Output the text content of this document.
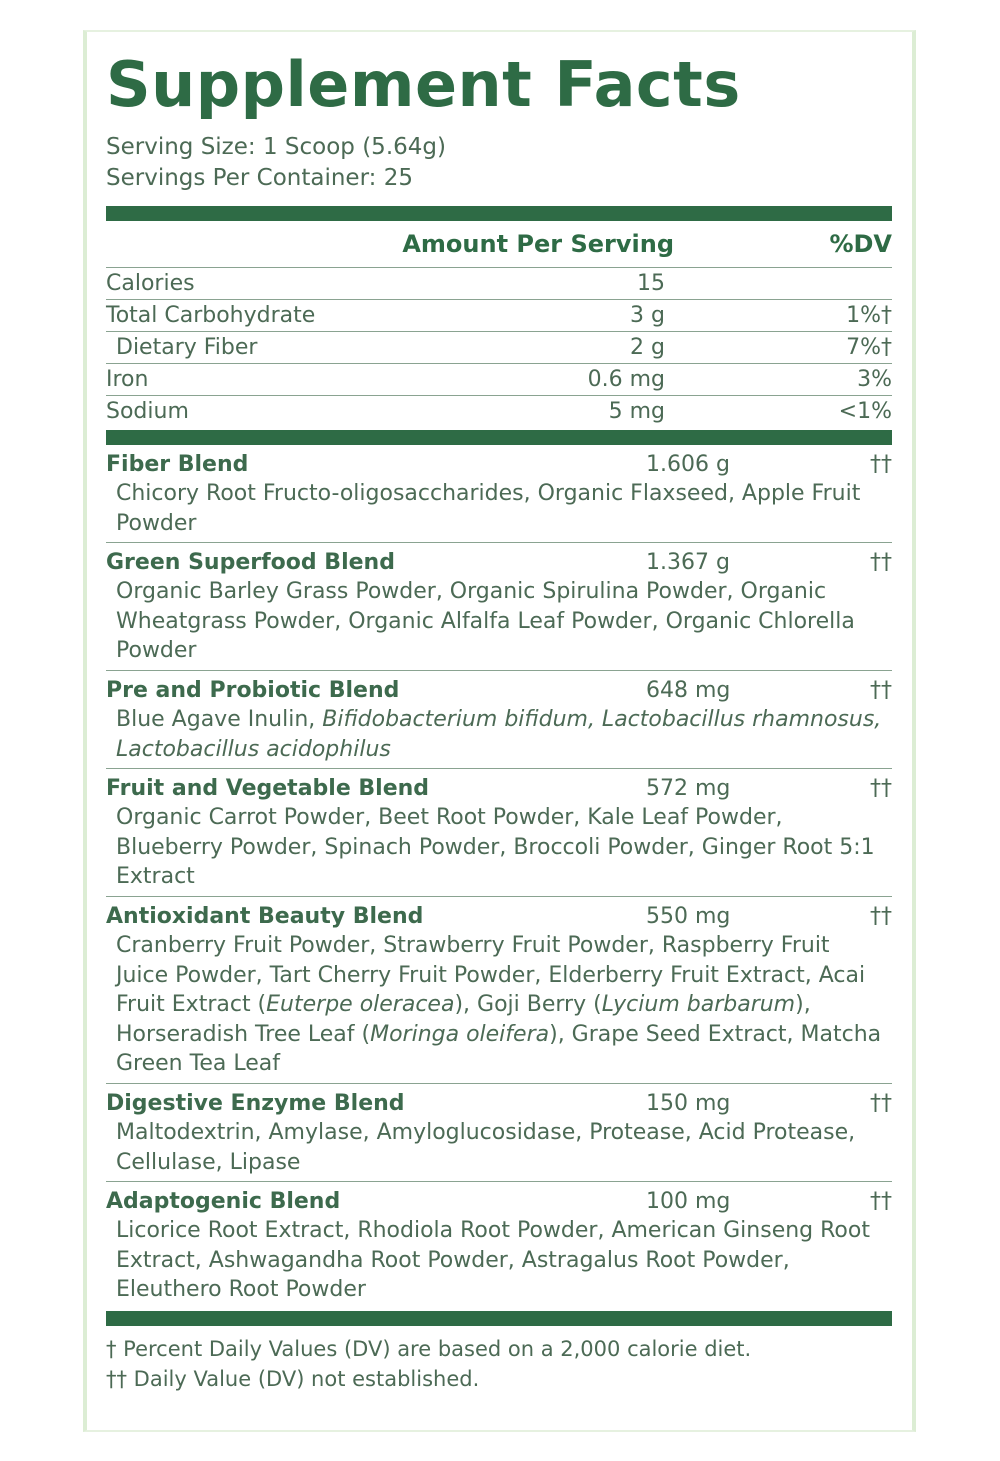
Supplement Facts
Serving Size: 1 Scoop (5.64g)
Servings Per Container: 25
Amount Per Serving	%DV
Calories	15
Total Carbohydrate	3 g	1%†
Dietary Fiber	2 g	7%†
Iron	0.6 mg	3%
Sodium	5 mg	<1%
Fiber Blend	1.606 g	††
Chicory Root Fructo-oligosaccharides, Organic Flaxseed, Apple Fruit Powder
Green Superfood Blend	1.367 g	††
Organic Barley Grass Powder, Organic Spirulina Powder, Organic Wheatgrass Powder, Organic Alfalfa Leaf Powder, Organic Chlorella Powder
Pre and Probiotic Blend	648 mg	††
Blue Agave Inulin, Bifidobacterium bifidum, Lactobacillus rhamnosus, Lactobacillus acidophilus
Fruit and Vegetable Blend	572 mg	††
Organic Carrot Powder, Beet Root Powder, Kale Leaf Powder, Blueberry Powder, Spinach Powder, Broccoli Powder, Ginger Root 5:1 Extract
Antioxidant Beauty Blend	550 mg	††
Cranberry Fruit Powder, Strawberry Fruit Powder, Raspberry Fruit Juice Powder, Tart Cherry Fruit Powder, Elderberry Fruit Extract, Acai Fruit Extract (Euterpe oleracea), Goji Berry (Lycium barbarum), Horseradish Tree Leaf (Moringa oleifera), Grape Seed Extract, Matcha Green Tea Leaf
Digestive Enzyme Blend	150 mg	††
Maltodextrin, Amylase, Amyloglucosidase, Protease, Acid Protease, Cellulase, Lipase
Adaptogenic Blend	100 mg	††
Licorice Root Extract, Rhodiola Root Powder, American Ginseng Root Extract, Ashwagandha Root Powder, Astragalus Root Powder, Eleuthero Root Powder
† Percent Daily Values (DV) are based on a 2,000 calorie diet.
†† Daily Value (DV) not established.
